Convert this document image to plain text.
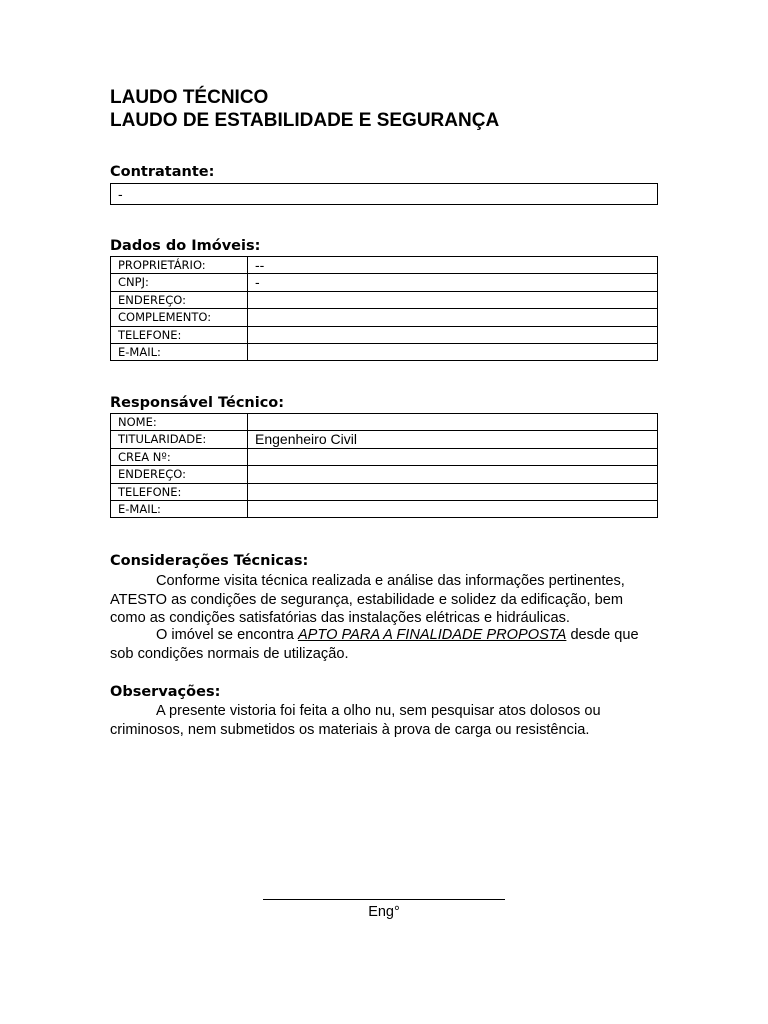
LAUDO TÉCNICO
LAUDO DE ESTABILIDADE E SEGURANÇA
Contratante:
-
Dados do Imóveis:
PROPRIETÁRIO:	--
CNPJ:	-
ENDEREÇO:	
COMPLEMENTO:	
TELEFONE:	
E-MAIL:	
Responsável Técnico:
NOME:	
TITULARIDADE:	Engenheiro Civil
CREA Nº:	
ENDEREÇO:	
TELEFONE:	
E-MAIL:	
Considerações Técnicas:

Conforme visita técnica realizada e análise das informações pertinentes, ATESTO as condições de segurança, estabilidade e solidez da edificação, bem como as condições satisfatórias das instalações elétricas e hidráulicas.

O imóvel se encontra APTO PARA A FINALIDADE PROPOSTA desde que sob condições normais de utilização.

Observações:

A presente vistoria foi feita a olho nu, sem pesquisar atos dolosos ou criminosos, nem submetidos os materiais à prova de carga ou resistência.

Eng°
